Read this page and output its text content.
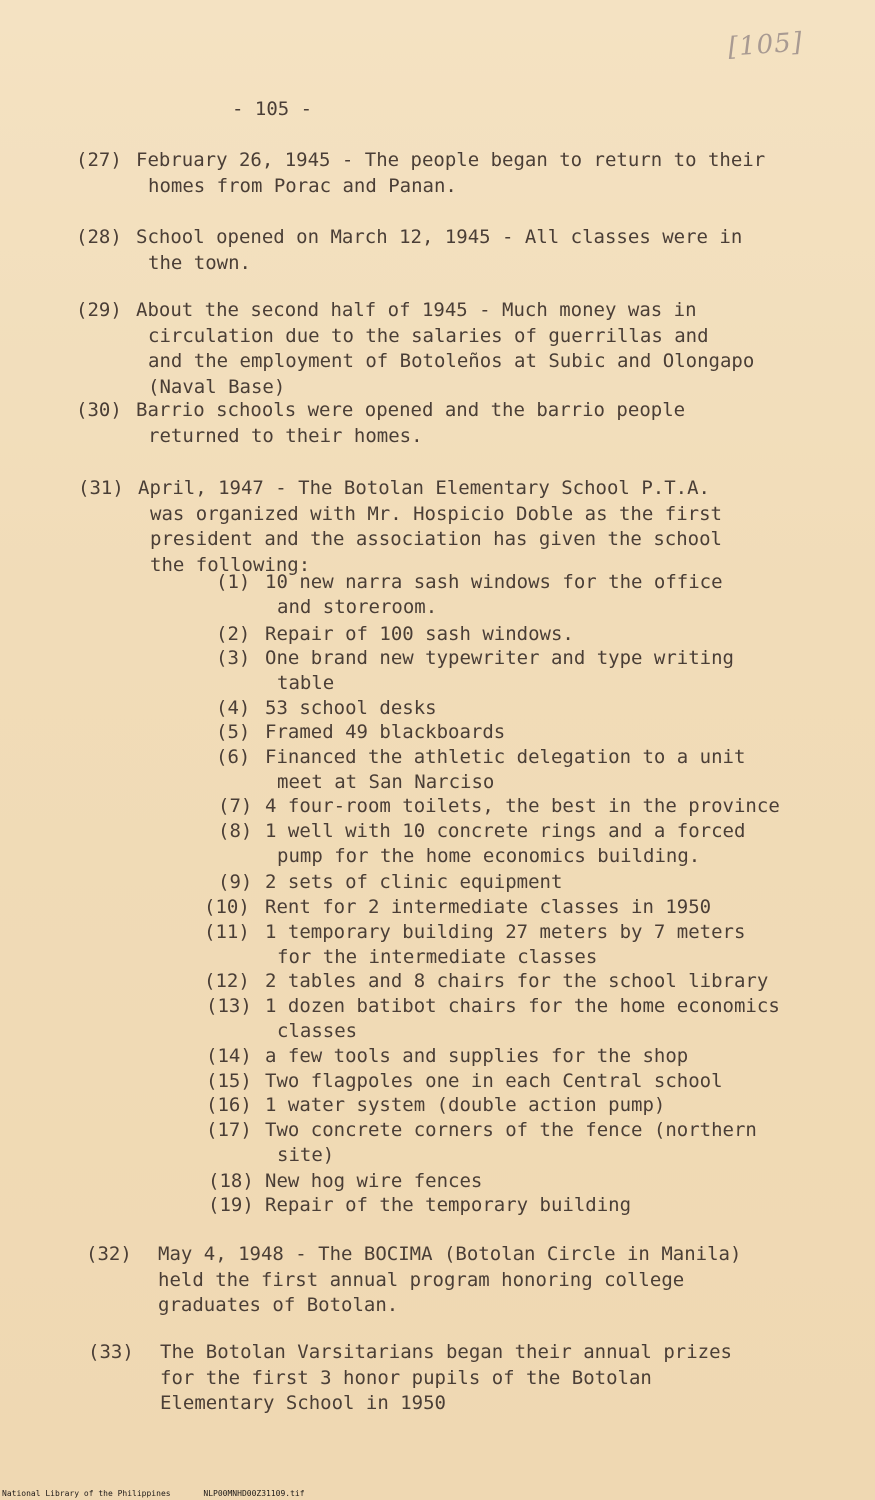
[105]
- 105 -
(27) February 26, 1945 - The people began to return to their
homes from Porac and Panan.
(28) School opened on March 12, 1945 - All classes were in
the town.
(29) About the second half of 1945 - Much money was in
circulation due to the salaries of guerrillas and
and the employment of Botoleños at Subic and Olongapo
(Naval Base)
(30) Barrio schools were opened and the barrio people
returned to their homes.
(31) April, 1947 - The Botolan Elementary School P.T.A.
was organized with Mr. Hospicio Doble as the first
president and the association has given the school
the following:
(32) May 4, 1948 - The BOCIMA (Botolan Circle in Manila)
held the first annual program honoring college
graduates of Botolan.
(33) The Botolan Varsitarians began their annual prizes
for the first 3 honor pupils of the Botolan
Elementary School in 1950
(1) 10 new narra sash windows for the office
and storeroom.
(2) Repair of 100 sash windows.
(3) One brand new typewriter and type writing
table
(4) 53 school desks
(5) Framed 49 blackboards
(6) Financed the athletic delegation to a unit
meet at San Narciso
(7) 4 four-room toilets, the best in the province
(8) 1 well with 10 concrete rings and a forced
pump for the home economics building.
(9) 2 sets of clinic equipment
(10) Rent for 2 intermediate classes in 1950
(11) 1 temporary building 27 meters by 7 meters
for the intermediate classes
(12) 2 tables and 8 chairs for the school library
(13) 1 dozen batibot chairs for the home economics
classes
(14) a few tools and supplies for the shop
(15) Two flagpoles one in each Central school
(16) 1 water system (double action pump)
(17) Two concrete corners of the fence (northern
site)
(18) New hog wire fences
(19) Repair of the temporary building
National Library of the Philippines	NLP00MNHD00Z31109.tif
